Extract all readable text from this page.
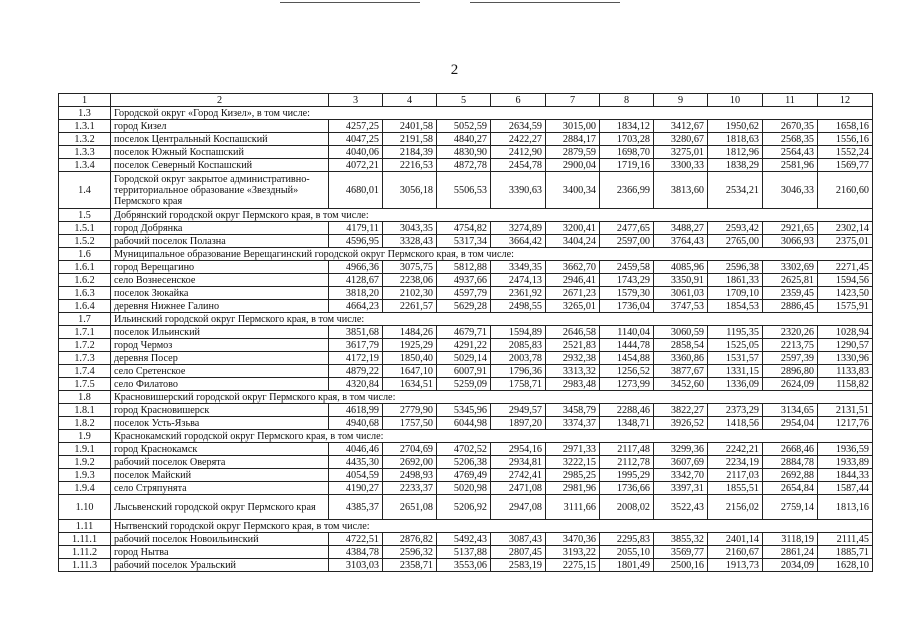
2
1	2	3	4	5	6	7	8	9	10	11	12
1.3	Городской округ «Город Кизел», в том числе:										
1.3.1	город Кизел	4257,25	2401,58	5052,59	2634,59	3015,00	1834,12	3412,67	1950,62	2670,35	1658,16
1.3.2	поселок Центральный Коспашский	4047,25	2191,58	4840,27	2422,27	2884,17	1703,28	3280,67	1818,63	2568,35	1556,16
1.3.3	поселок Южный Коспашский	4040,06	2184,39	4830,90	2412,90	2879,59	1698,70	3275,01	1812,96	2564,43	1552,24
1.3.4	поселок Северный Коспашский	4072,21	2216,53	4872,78	2454,78	2900,04	1719,16	3300,33	1838,29	2581,96	1569,77
1.4	Городской округ закрытое административно-территориальное образование «Звездный» Пермского края	4680,01	3056,18	5506,53	3390,63	3400,34	2366,99	3813,60	2534,21	3046,33	2160,60
1.5	Добрянский городской округ Пермского края, в том числе:										
1.5.1	город Добрянка	4179,11	3043,35	4754,82	3274,89	3200,41	2477,65	3488,27	2593,42	2921,65	2302,14
1.5.2	рабочий поселок Полазна	4596,95	3328,43	5317,34	3664,42	3404,24	2597,00	3764,43	2765,00	3066,93	2375,01
1.6	Муниципальное образование Верещагинский городской округ Пермского края, в том числе:										
1.6.1	город Верещагино	4966,36	3075,75	5812,88	3349,35	3662,70	2459,58	4085,96	2596,38	3302,69	2271,45
1.6.2	село Вознесенское	4128,67	2238,06	4937,66	2474,13	2946,41	1743,29	3350,91	1861,33	2625,81	1594,56
1.6.3	поселок Зюкайка	3818,20	2102,30	4597,79	2361,92	2671,23	1579,30	3061,03	1709,10	2359,45	1423,50
1.6.4	деревня Нижнее Галино	4664,23	2261,57	5629,28	2498,55	3265,01	1736,04	3747,53	1854,53	2886,45	1575,91
1.7	Ильинский городской округ Пермского края, в том числе:										
1.7.1	поселок Ильинский	3851,68	1484,26	4679,71	1594,89	2646,58	1140,04	3060,59	1195,35	2320,26	1028,94
1.7.2	город Чермоз	3617,79	1925,29	4291,22	2085,83	2521,83	1444,78	2858,54	1525,05	2213,75	1290,57
1.7.3	деревня Посер	4172,19	1850,40	5029,14	2003,78	2932,38	1454,88	3360,86	1531,57	2597,39	1330,96
1.7.4	село Сретенское	4879,22	1647,10	6007,91	1796,36	3313,32	1256,52	3877,67	1331,15	2896,80	1133,83
1.7.5	село Филатово	4320,84	1634,51	5259,09	1758,71	2983,48	1273,99	3452,60	1336,09	2624,09	1158,82
1.8	Красновишерский городской округ Пермского края, в том числе:										
1.8.1	город Красновишерск	4618,99	2779,90	5345,96	2949,57	3458,79	2288,46	3822,27	2373,29	3134,65	2131,51
1.8.2	поселок Усть-Язьва	4940,68	1757,50	6044,98	1897,20	3374,37	1348,71	3926,52	1418,56	2954,04	1217,76
1.9	Краснокамский городской округ Пермского края, в том числе:										
1.9.1	город Краснокамск	4046,46	2704,69	4702,52	2954,16	2971,33	2117,48	3299,36	2242,21	2668,46	1936,59
1.9.2	рабочий поселок Оверята	4435,30	2692,00	5206,38	2934,81	3222,15	2112,78	3607,69	2234,19	2884,78	1933,89
1.9.3	поселок Майский	4054,59	2498,93	4769,49	2742,41	2985,25	1995,29	3342,70	2117,03	2692,88	1844,33
1.9.4	село Стряпунята	4190,27	2233,37	5020,98	2471,08	2981,96	1736,66	3397,31	1855,51	2654,84	1587,44
1.10	Лысьвенский городской округ Пермского края	4385,37	2651,08	5206,92	2947,08	3111,66	2008,02	3522,43	2156,02	2759,14	1813,16
1.11	Нытвенский городской округ Пермского края, в том числе:										
1.11.1	рабочий поселок Новоильинский	4722,51	2876,82	5492,43	3087,43	3470,36	2295,83	3855,32	2401,14	3118,19	2111,45
1.11.2	город Нытва	4384,78	2596,32	5137,88	2807,45	3193,22	2055,10	3569,77	2160,67	2861,24	1885,71
1.11.3	рабочий поселок Уральский	3103,03	2358,71	3553,06	2583,19	2275,15	1801,49	2500,16	1913,73	2034,09	1628,10
